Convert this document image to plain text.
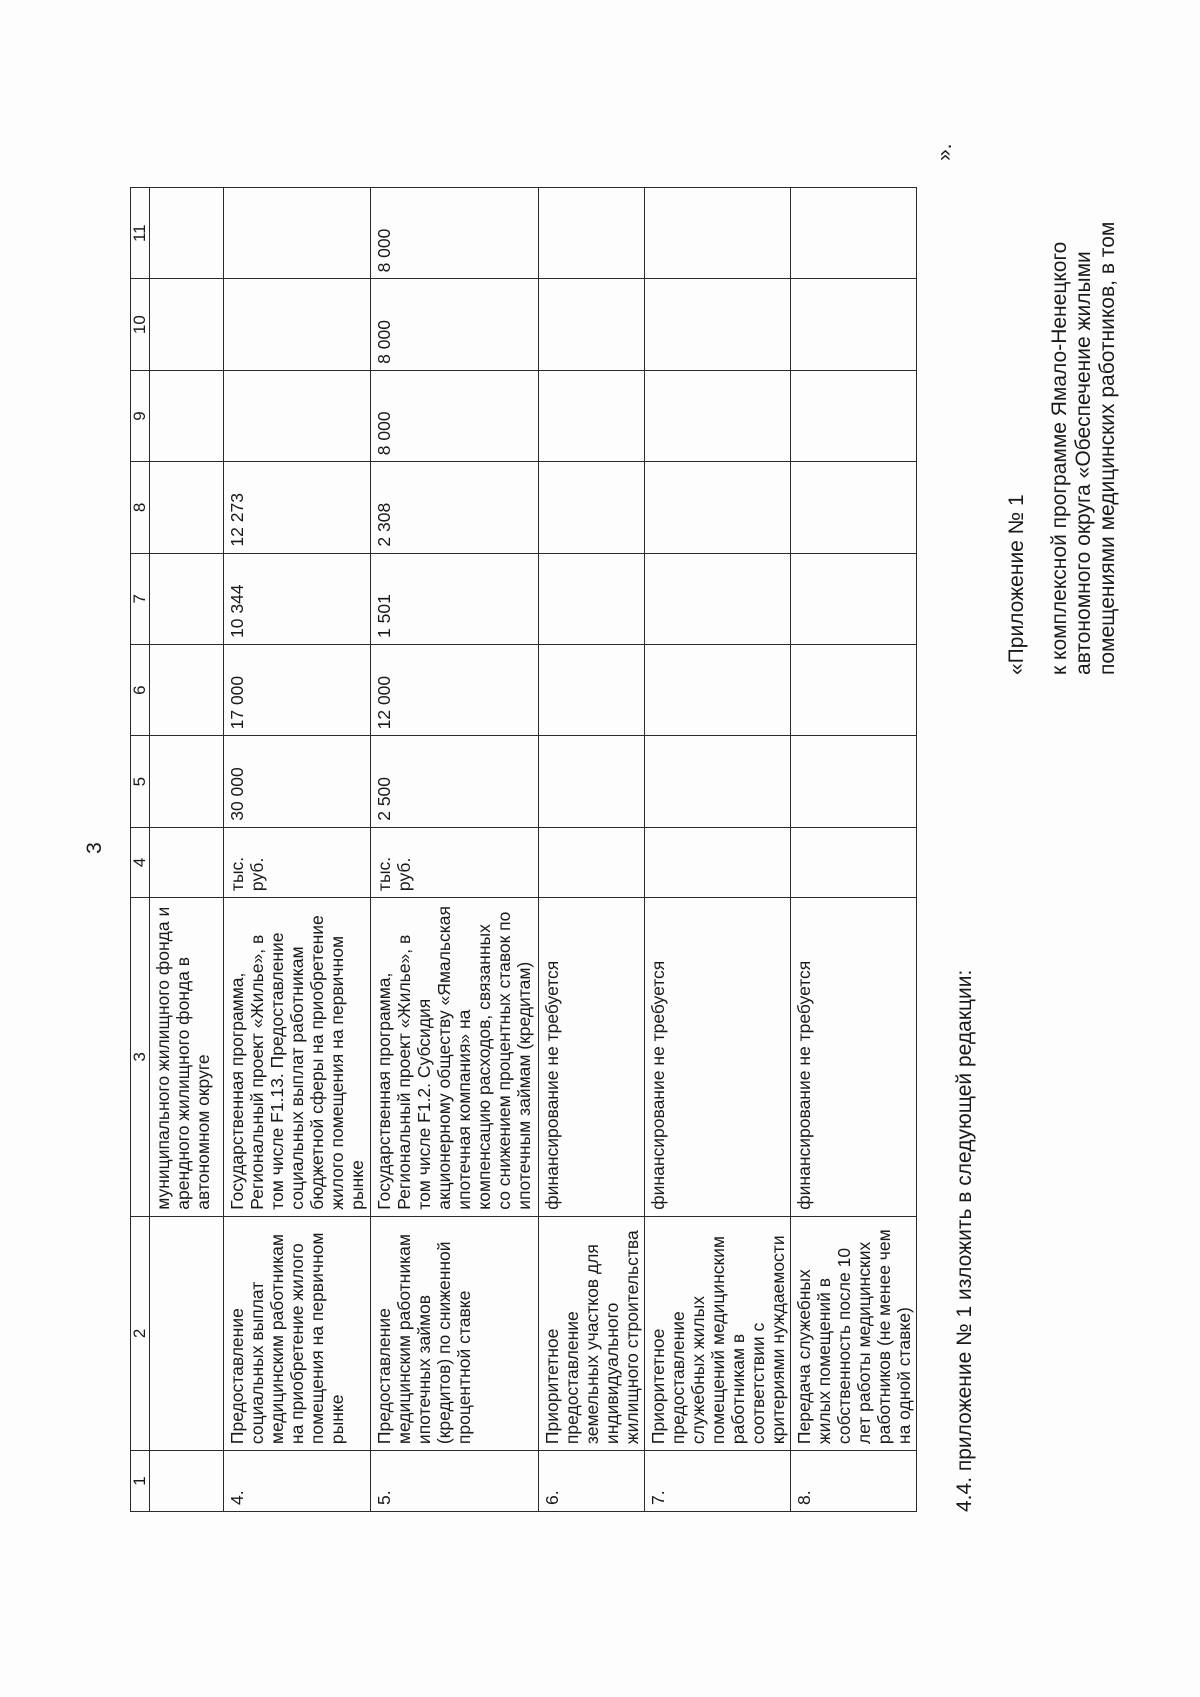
3
1	2	3	4	5	6	7	8	9	10	11
		муниципального жилищного фонда и арендного жилищного фонда в автономном округе								
4.	Предоставление социальных выплат медицинским работникам на приобретение жилого помещения на первичном рынке	Государственная программа, Региональный проект «Жилье», в том числе F1.13. Предоставление социальных выплат работникам бюджетной сферы на приобретение жилого помещения на первичном рынке	тыс. руб.	30 000	17 000	10 344	12 273			
5.	Предоставление медицинским работникам ипотечных займов (кредитов) по сниженной процентной ставке	Государственная программа, Региональный проект «Жилье», в том числе F1.2. Субсидия акционерному обществу «Ямальская ипотечная компания» на компенсацию расходов, связанных со снижением процентных ставок по ипотечным займам (кредитам)	тыс. руб.	2 500	12 000	1 501	2 308	8 000	8 000	8 000
6.	Приоритетное предоставление земельных участков для индивидуального жилищного строительства	финансирование не требуется								
7.	Приоритетное предоставление служебных жилых помещений медицинским работникам в соответствии с критериями нуждаемости	финансирование не требуется								
8.	Передача служебных жилых помещений в собственность после 10 лет работы медицинских работников (не менее чем на одной ставке)	финансирование не требуется								
».
4.4. приложение № 1 изложить в следующей редакции:
«Приложение № 1 к комплексной программе Ямало-Ненецкого автономного округа «Обеспечение жилыми помещениями медицинских работников, в том
